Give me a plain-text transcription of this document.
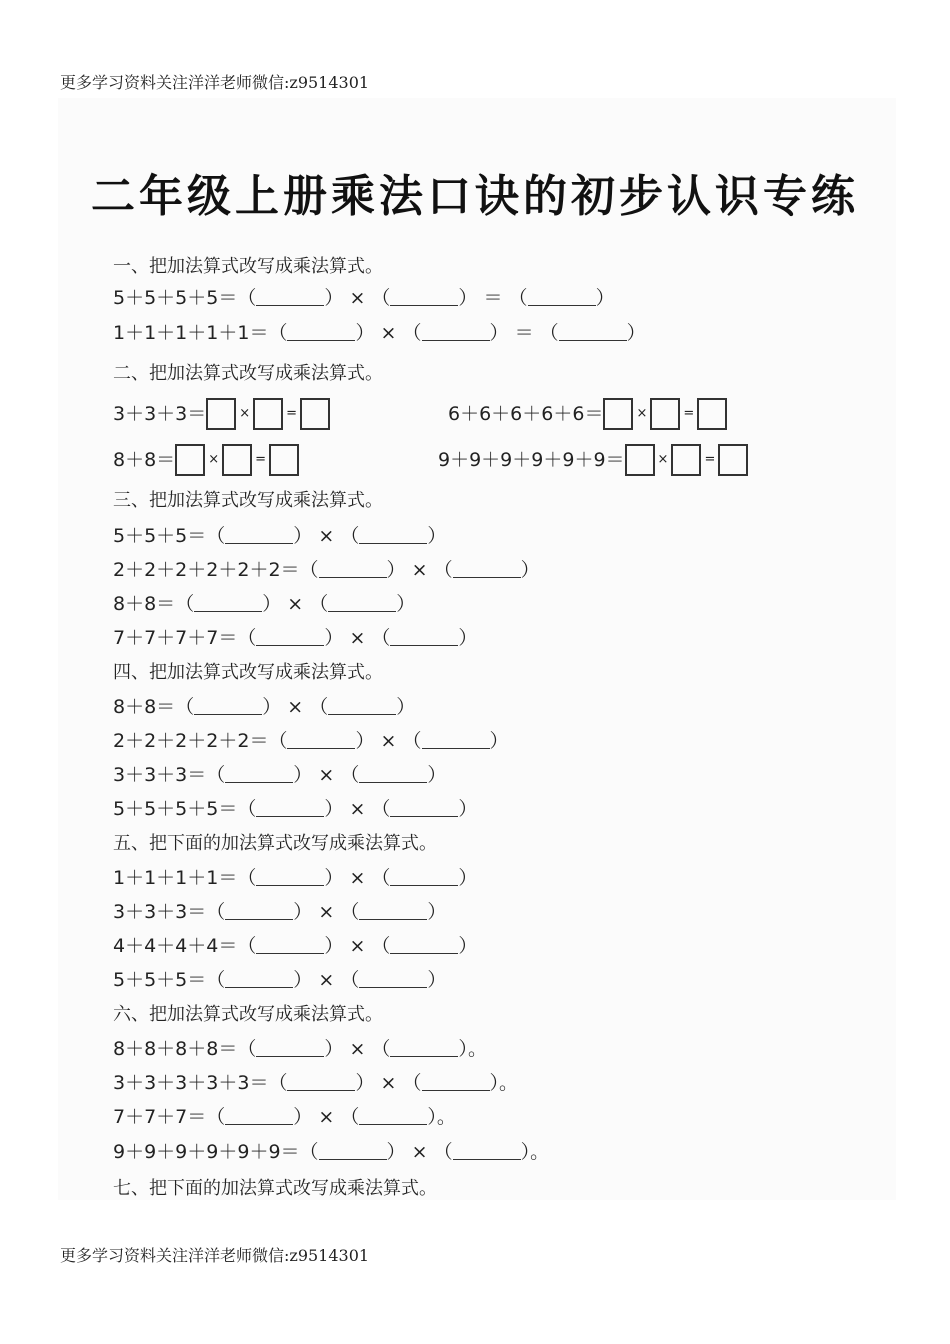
更多学习资料关注洋洋老师微信:z9514301
二年级上册乘法口诀的初步认识专练
一、把加法算式改写成乘法算式。
5＋5＋5＋5＝（	） × （	） ＝ （	）
1＋1＋1＋1＋1＝（	） × （	） ＝ （	）
二、把加法算式改写成乘法算式。
3＋3＋3＝	×	=	6＋6＋6＋6＋6＝	×	=
8＋8＝	×	=	9＋9＋9＋9＋9＋9＝	×	=
三、把加法算式改写成乘法算式。
5＋5＋5＝（	） × （	）
2＋2＋2＋2＋2＋2＝（	） × （	）
8＋8＝（	） × （	）
7＋7＋7＋7＝（	） × （	）
四、把加法算式改写成乘法算式。
8＋8＝（	） × （	）
2＋2＋2＋2＋2＝（	） × （	）
3＋3＋3＝（	） × （	）
5＋5＋5＋5＝（	） × （	）
五、把下面的加法算式改写成乘法算式。
1＋1＋1＋1＝（	） × （	）
3＋3＋3＝（	） × （	）
4＋4＋4＋4＝（	） × （	）
5＋5＋5＝（	） × （	）
六、把加法算式改写成乘法算式。
8＋8＋8＋8＝（	） × （	）。
3＋3＋3＋3＋3＝（	） × （	）。
7＋7＋7＝（	） × （	）。
9＋9＋9＋9＋9＋9＝（	） × （	）。
七、把下面的加法算式改写成乘法算式。
更多学习资料关注洋洋老师微信:z9514301
